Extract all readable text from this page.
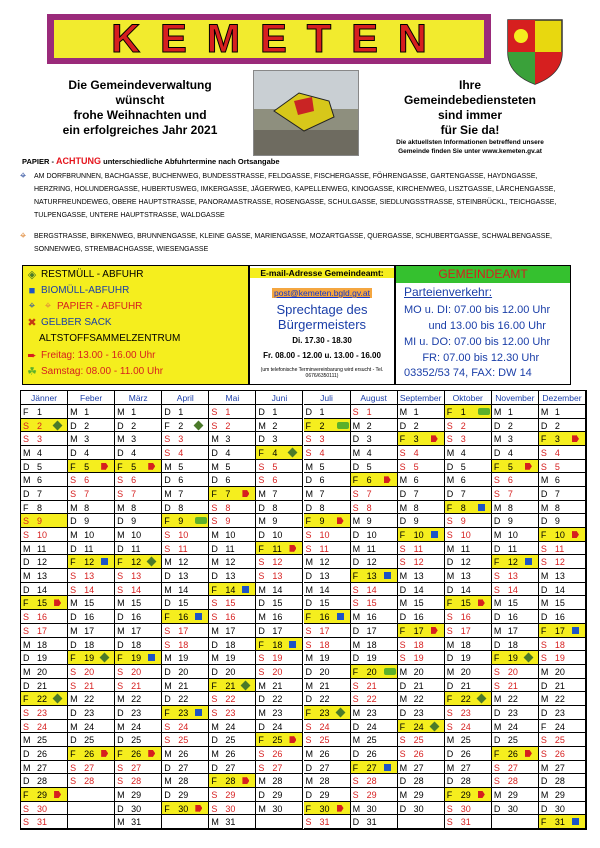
KEMETEN
Die Gemeindeverwaltung
wünscht
frohe Weihnachten und
ein erfolgreiches Jahr 2021
Ihre
Gemeindebediensteten
sind immer
für Sie da!
Die aktuellsten Informationen betreffend unsere
Gemeinde finden Sie unter www.kemeten.gv.at
PAPIER - ACHTUNG unterschiedliche Abfuhrtermine nach Ortsangabe
⌖	AM DORFBRUNNEN, BACHGASSE, BUCHENWEG, BUNDESSTRASSE, FELDGASSE, FISCHERGASSE, FÖHRENGASSE, GARTENGASSE, HAYDNGASSE, HERZRING, HOLUNDERGASSE, HUBERTUSWEG, IMKERGASSE, JÄGERWEG, KAPELLENWEG, KINOGASSE, KIRCHENWEG, LISZTGASSE, LÄRCHENGASSE, NATURFREUNDEWEG, OBERE HAUPTSTRASSE, PANORAMASTRASSE, ROSENGASSE, SCHULGASSE, SIEDLUNGSSTRASSE, STEINBRÜCKL, TEICHGASSE, TULPENGASSE, UNTERE HAUPTSTRASSE, WALDGASSE
⌖	BERGSTRASSE, BIRKENWEG, BRUNNENGASSE, KLEINE GASSE, MARIENGASSE, MOZARTGASSE, QUERGASSE, SCHUBERTGASSE, SCHWALBENGASSE, SONNENWEG, STREMBACHGASSE, WIESENGASSE
◈ RESTMÜLL - ABFUHR
■ BIOMÜLL-ABFUHR
⌖ ⌖ PAPIER - ABFUHR
✖ GELBER SACK
ALTSTOFFSAMMELZENTRUM
➨ Freitag: 13.00 - 16.00 Uhr
☘ Samstag: 08.00 - 11.00 Uhr
E-mail-Adresse Gemeindeamt:
post@kemeten.bgld.gv.at
Sprechtage des Bürgermeisters
Di. 17.30 - 18.30
Fr. 08.00 - 12.00 u. 13.00 - 16.00
(um telefonische Terminvereinbarung wird ersucht - Tel. 0676/6350111)
GEMEINDEAMT
Parteienverkehr:
MO u. DI: 07.00 bis 12.00 Uhr
und 13.00 bis 16.00 Uhr
MI u. DO: 07.00 bis 12.00 Uhr
FR: 07.00 bis 12.30 Uhr
03352/53 74, FAX: DW 14
Jänner
F 1
S 2
S 3
M 4
D 5
M 6
D 7
F 8
S 9
S 10
M 11
D 12
M 13
D 14
F 15
S 16
S 17
M 18
D 19
M 20
D 21
F 22
S 23
S 24
M 25
D 26
M 27
D 28
F 29
S 30
S 31
Feber
M 1
D 2
M 3
D 4
F 5
S 6
S 7
M 8
D 9
M 10
D 11
F 12
S 13
S 14
M 15
D 16
M 17
D 18
F 19
S 20
S 21
M 22
D 23
M 24
D 25
F 26
S 27
S 28
März
M 1
D 2
M 3
D 4
F 5
S 6
S 7
M 8
D 9
M 10
D 11
F 12
S 13
S 14
M 15
D 16
M 17
D 18
F 19
S 20
S 21
M 22
D 23
M 24
D 25
F 26
S 27
S 28
M 29
D 30
M 31
April
D 1
F 2
S 3
S 4
M 5
D 6
M 7
D 8
F 9
S 10
S 11
M 12
D 13
M 14
D 15
F 16
S 17
S 18
M 19
D 20
M 21
D 22
F 23
S 24
S 25
M 26
D 27
M 28
D 29
F 30
Mai
S 1
S 2
M 3
D 4
M 5
D 6
F 7
S 8
S 9
M 10
D 11
M 12
D 13
F 14
S 15
S 16
M 17
D 18
M 19
D 20
F 21
S 22
S 23
M 24
D 25
M 26
D 27
F 28
S 29
S 30
M 31
Juni
D 1
M 2
D 3
F 4
S 5
S 6
M 7
D 8
M 9
D 10
F 11
S 12
S 13
M 14
D 15
M 16
D 17
F 18
S 19
S 20
M 21
D 22
M 23
D 24
F 25
S 26
S 27
M 28
D 29
M 30
Juli
D 1
F 2
S 3
S 4
M 5
D 6
M 7
D 8
F 9
S 10
S 11
M 12
D 13
M 14
D 15
F 16
S 17
S 18
M 19
D 20
M 21
D 22
F 23
S 24
S 25
M 26
D 27
M 28
D 29
F 30
S 31
August
S 1
M 2
D 3
M 4
D 5
F 6
S 7
S 8
M 9
D 10
M 11
D 12
F 13
S 14
S 15
M 16
D 17
M 18
D 19
F 20
S 21
S 22
M 23
D 24
M 25
D 26
F 27
S 28
S 29
M 30
D 31
September
M 1
D 2
F 3
S 4
S 5
M 6
D 7
M 8
D 9
F 10
S 11
S 12
M 13
D 14
M 15
D 16
F 17
S 18
S 19
M 20
D 21
M 22
D 23
F 24
S 25
S 26
M 27
D 28
M 29
D 30
Oktober
F 1
S 2
S 3
M 4
D 5
M 6
D 7
F 8
S 9
S 10
M 11
D 12
M 13
D 14
F 15
S 16
S 17
M 18
D 19
M 20
D 21
F 22
S 23
S 24
M 25
D 26
M 27
D 28
F 29
S 30
S 31
November
M 1
D 2
M 3
D 4
F 5
S 6
S 7
M 8
D 9
M 10
D 11
F 12
S 13
S 14
M 15
D 16
M 17
D 18
F 19
S 20
S 21
M 22
D 23
M 24
D 25
F 26
S 27
S 28
M 29
D 30
Dezember
M 1
D 2
F 3
S 4
S 5
M 6
D 7
M 8
D 9
F 10
S 11
S 12
M 13
D 14
M 15
D 16
F 17
S 18
S 19
M 20
D 21
M 22
D 23
F 24
S 25
S 26
M 27
D 28
M 29
D 30
F 31
